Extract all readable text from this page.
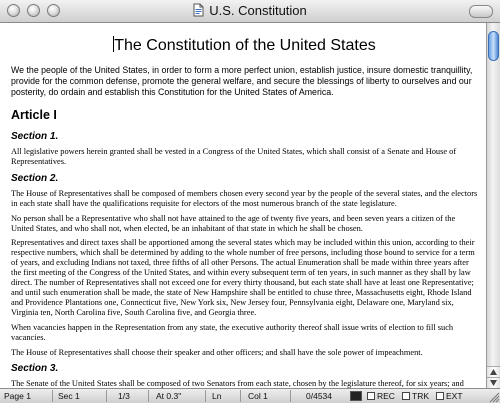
U.S. Constitution
The Constitution of the United States

We the people of the United States, in order to form a more perfect union, establish justice, insure domestic tranquillity, provide for the common defense, promote the general welfare, and secure the blessings of liberty to ourselves and our posterity, do ordain and establish this Constitution for the United States of America.

Article I
Section 1.

All legislative powers herein granted shall be vested in a Congress of the United States, which shall consist of a Senate and House of Representatives.

Section 2.

The House of Representatives shall be composed of members chosen every second year by the people of the several states, and the electors in each state shall have the qualifications requisite for electors of the most numerous branch of the state legislature.

No person shall be a Representative who shall not have attained to the age of twenty five years, and been seven years a citizen of the United States, and who shall not, when elected, be an inhabitant of that state in which he shall be chosen.

Representatives and direct taxes shall be apportioned among the several states which may be included within this union, according to their respective numbers, which shall be determined by adding to the whole number of free persons, including those bound to service for a term of years, and excluding Indians not taxed, three fifths of all other Persons. The actual Enumeration shall be made within three years after the first meeting of the Congress of the United States, and within every subsequent term of ten years, in such manner as they shall by law direct. The number of Representatives shall not exceed one for every thirty thousand, but each state shall have at least one Representative; and until such enumeration shall be made, the state of New Hampshire shall be entitled to chuse three, Massachusetts eight, Rhode Island and Providence Plantations one, Connecticut five, New York six, New Jersey four, Pennsylvania eight, Delaware one, Maryland six, Virginia ten, North Carolina five, South Carolina five, and Georgia three.

When vacancies happen in the Representation from any state, the executive authority thereof shall issue writs of election to fill such vacancies.

The House of Representatives shall choose their speaker and other officers; and shall have the sole power of impeachment.

Section 3.

The Senate of the United States shall be composed of two Senators from each state, chosen by the legislature thereof, for six years; and

Page 1	Sec 1	1/3	At 0.3"	Ln	Col 1	0/4534	REC TRK EXT
